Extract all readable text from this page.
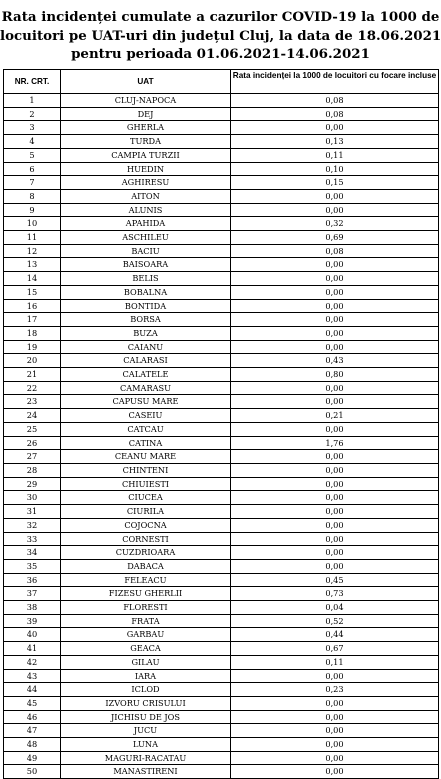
Rata incidenței cumulate a cazurilor COVID-19 la 1000 de
locuitori pe UAT-uri din județul Cluj, la data de 18.06.2021
pentru perioada 01.06.2021-14.06.2021
NR. CRT.	UAT	Rata incidenței la 1000 de locuitori cu focare incluse
1	CLUJ-NAPOCA	0,08
2	DEJ	0,08
3	GHERLA	0,00
4	TURDA	0,13
5	CAMPIA TURZII	0,11
6	HUEDIN	0,10
7	AGHIRESU	0,15
8	AITON	0,00
9	ALUNIS	0,00
10	APAHIDA	0,32
11	ASCHILEU	0,69
12	BACIU	0,08
13	BAISOARA	0,00
14	BELIS	0,00
15	BOBALNA	0,00
16	BONTIDA	0,00
17	BORSA	0,00
18	BUZA	0,00
19	CAIANU	0,00
20	CALARASI	0,43
21	CALATELE	0,80
22	CAMARASU	0,00
23	CAPUSU MARE	0,00
24	CASEIU	0,21
25	CATCAU	0,00
26	CATINA	1,76
27	CEANU MARE	0,00
28	CHINTENI	0,00
29	CHIUIESTI	0,00
30	CIUCEA	0,00
31	CIURILA	0,00
32	COJOCNA	0,00
33	CORNESTI	0,00
34	CUZDRIOARA	0,00
35	DABACA	0,00
36	FELEACU	0,45
37	FIZESU GHERLII	0,73
38	FLORESTI	0,04
39	FRATA	0,52
40	GARBAU	0,44
41	GEACA	0,67
42	GILAU	0,11
43	IARA	0,00
44	ICLOD	0,23
45	IZVORU CRISULUI	0,00
46	JICHISU DE JOS	0,00
47	JUCU	0,00
48	LUNA	0,00
49	MAGURI-RACATAU	0,00
50	MANASTIRENI	0,00
